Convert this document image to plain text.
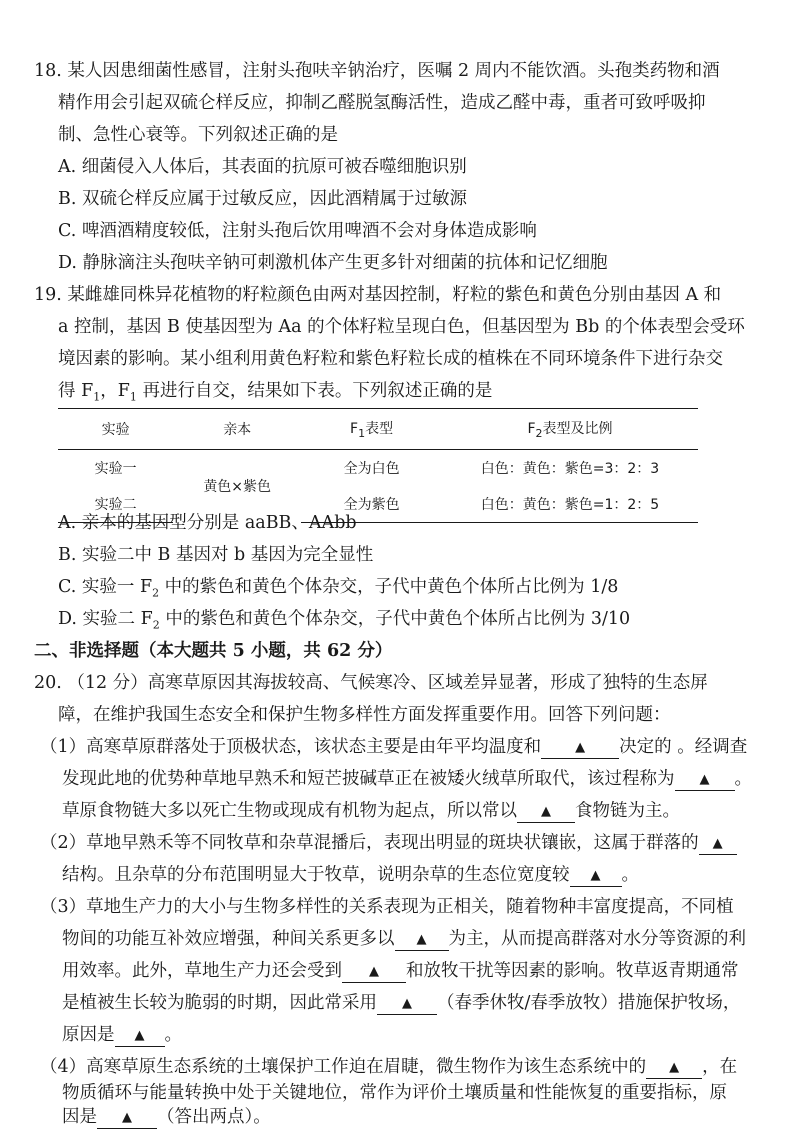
18. 某人因患细菌性感冒，注射头孢呋辛钠治疗，医嘱 2 周内不能饮酒。头孢类药物和酒
精作用会引起双硫仑样反应，抑制乙醛脱氢酶活性，造成乙醛中毒，重者可致呼吸抑
制、急性心衰等。下列叙述正确的是
A. 细菌侵入人体后，其表面的抗原可被吞噬细胞识别
B. 双硫仑样反应属于过敏反应，因此酒精属于过敏源
C. 啤酒酒精度较低，注射头孢后饮用啤酒不会对身体造成影响
D. 静脉滴注头孢呋辛钠可刺激机体产生更多针对细菌的抗体和记忆细胞
19. 某雌雄同株异花植物的籽粒颜色由两对基因控制，籽粒的紫色和黄色分别由基因 A 和
a 控制，基因 B 使基因型为 Aa 的个体籽粒呈现白色，但基因型为 Bb 的个体表型会受环
境因素的影响。某小组利用黄色籽粒和紫色籽粒长成的植株在不同环境条件下进行杂交
得 $F_1$，$F_1$ 再进行自交，结果如下表。下列叙述正确的是
实验	亲本	$F_1$表型	$F_2$表型及比例
实验一	黄色×紫色	全为白色	白色：黄色：紫色=3：2：3
实验二		全为紫色	白色：黄色：紫色=1：2：5
A. 亲本的基因型分别是 aaBB、AAbb
B. 实验二中 B 基因对 b 基因为完全显性
C. 实验一 $F_2$ 中的紫色和黄色个体杂交，子代中黄色个体所占比例为 1/8
D. 实验二 $F_2$ 中的紫色和黄色个体杂交，子代中黄色个体所占比例为 3/10
二、非选择题（本大题共 5 小题，共 62 分）
20. （12 分）高寒草原因其海拔较高、气候寒冷、区域差异显著，形成了独特的生态屏
障，在维护我国生态安全和保护生物多样性方面发挥重要作用。回答下列问题：
（1）高寒草原群落处于顶极状态，该状态主要是由年平均温度和	▲ 决定的 。经调查
发现此地的优势种草地早熟禾和短芒披碱草正在被矮火绒草所取代，该过程称为 ▲ 。
草原食物链大多以死亡生物或现成有机物为起点，所以常以 ▲ 食物链为主。
（2）草地早熟禾等不同牧草和杂草混播后，表现出明显的斑块状镶嵌，这属于群落的 ▲
结构。且杂草的分布范围明显大于牧草，说明杂草的生态位宽度较 ▲ 。
（3）草地生产力的大小与生物多样性的关系表现为正相关，随着物种丰富度提高，不同植
物间的功能互补效应增强，种间关系更多以 ▲ 为主，从而提高群落对水分等资源的利
用效率。此外，草地生产力还会受到 ▲ 和放牧干扰等因素的影响。牧草返青期通常
是植被生长较为脆弱的时期，因此常采用 ▲ （春季休牧/春季放牧）措施保护牧场，
原因是 ▲ 。
（4）高寒草原生态系统的土壤保护工作迫在眉睫，微生物作为该生态系统中的 ▲ ，在
物质循环与能量转换中处于关键地位，常作为评价土壤质量和性能恢复的重要指标，原
因是 ▲ （答出两点）。
